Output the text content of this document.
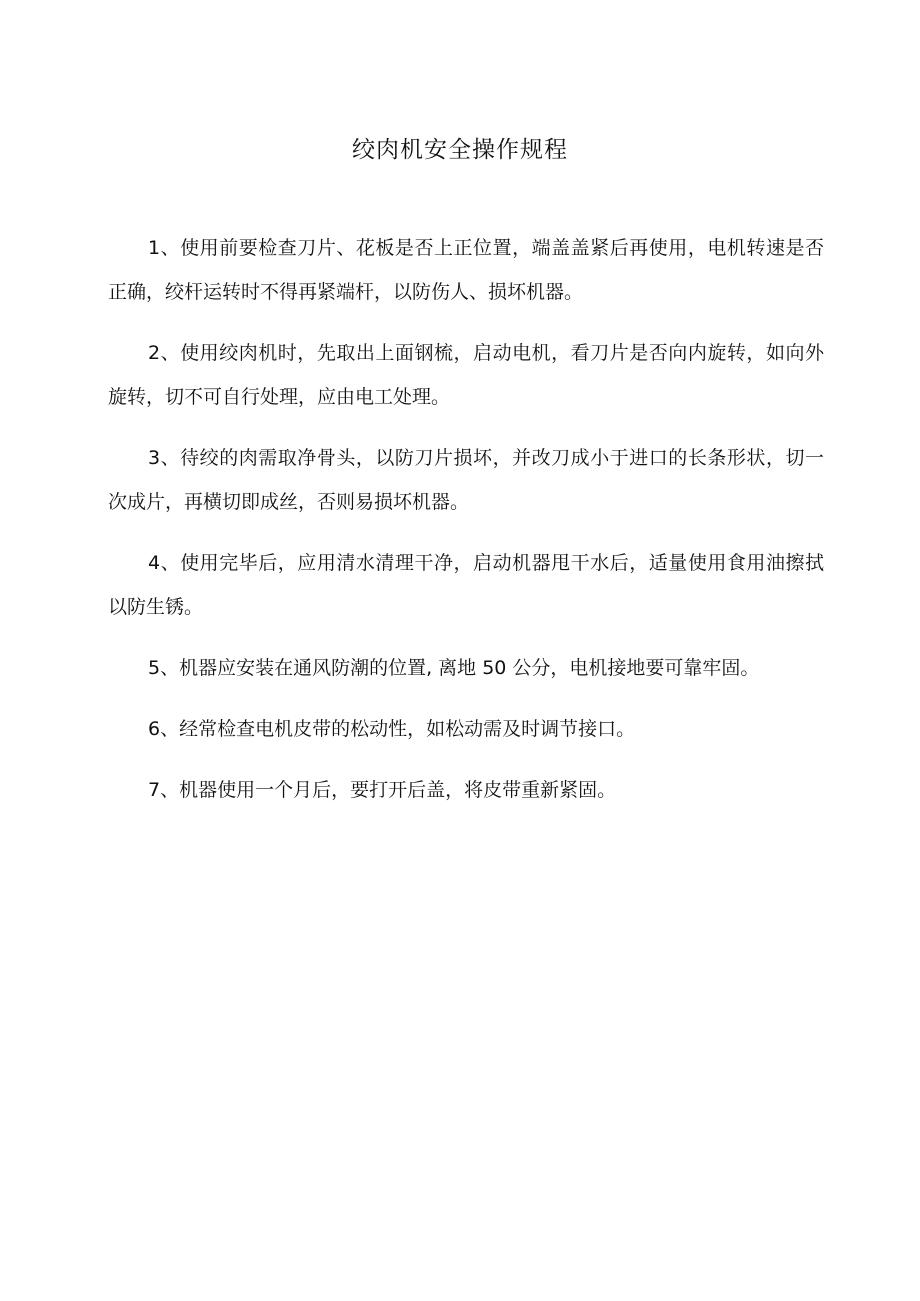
绞肉机安全操作规程

1、使用前要检查刀片、花板是否上正位置，端盖盖紧后再使用，电机转速是否正确，绞杆运转时不得再紧端杆，以防伤人、损坏机器。

2、使用绞肉机时，先取出上面钢梳，启动电机，看刀片是否向内旋转，如向外旋转，切不可自行处理，应由电工处理。

3、待绞的肉需取净骨头，以防刀片损坏，并改刀成小于进口的长条形状，切一次成片，再横切即成丝，否则易损坏机器。

4、使用完毕后，应用清水清理干净，启动机器甩干水后，适量使用食用油擦拭以防生锈。

5、机器应安装在通风防潮的位置, 离地 50 公分，电机接地要可靠牢固。

6、经常检查电机皮带的松动性，如松动需及时调节接口。

7、机器使用一个月后，要打开后盖，将皮带重新紧固。
